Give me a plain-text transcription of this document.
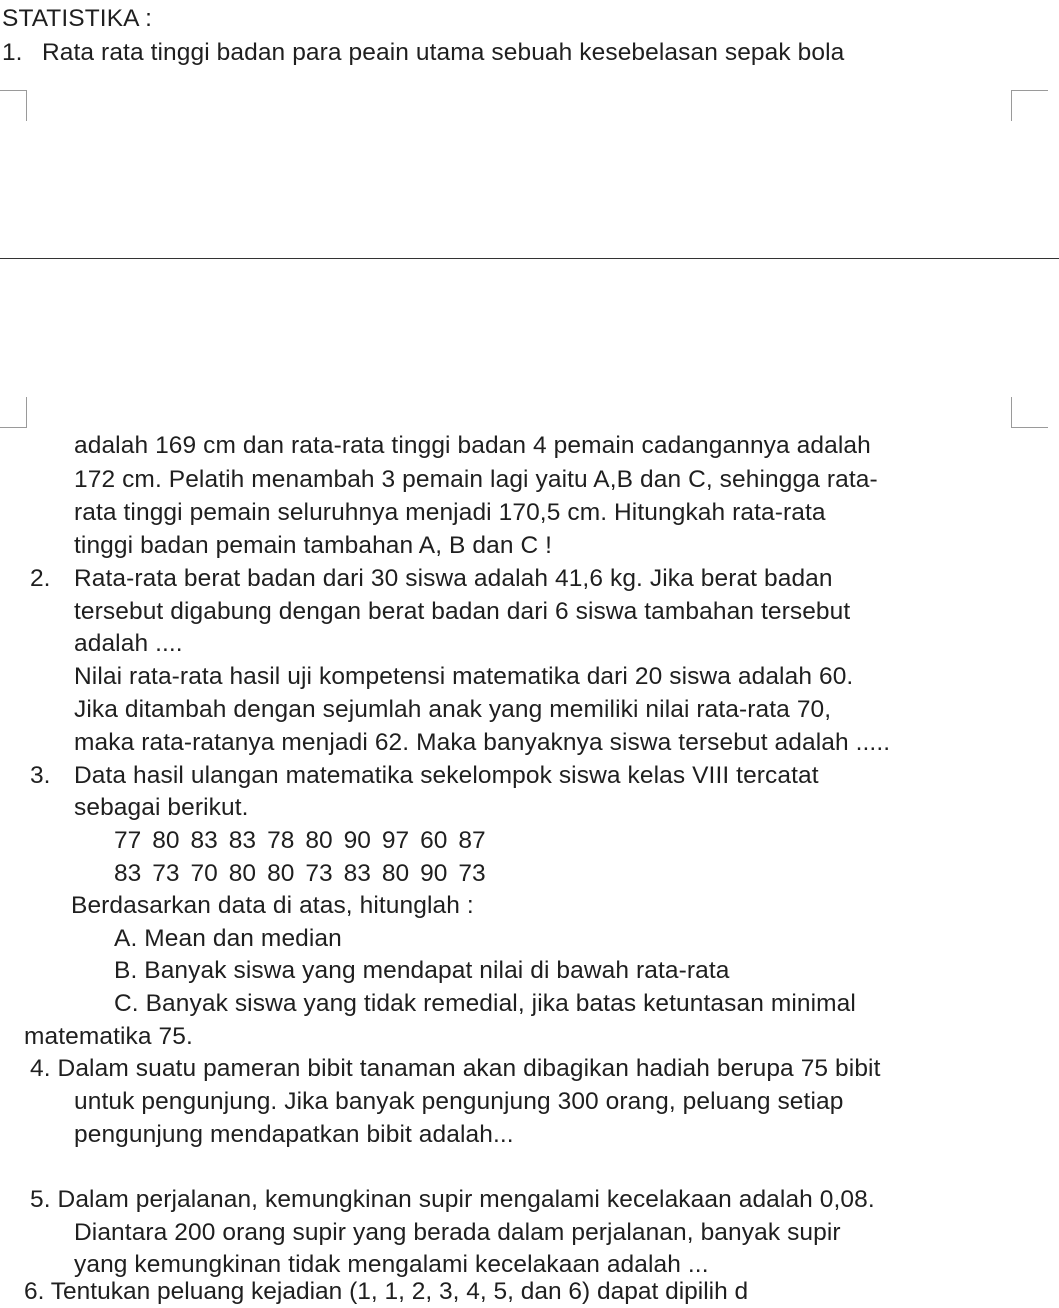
STATISTIKA :
1. Rata rata tinggi badan para peain utama sebuah kesebelasan sepak bola
adalah 169 cm dan rata-rata tinggi badan 4 pemain cadangannya adalah
172 cm. Pelatih menambah 3 pemain lagi yaitu A,B dan C, sehingga rata-
rata tinggi pemain seluruhnya menjadi 170,5 cm. Hitungkah rata-rata
tinggi badan pemain tambahan A, B dan C !
2. Rata-rata berat badan dari 30 siswa adalah 41,6 kg. Jika berat badan
tersebut digabung dengan berat badan dari 6 siswa tambahan tersebut
adalah ....
Nilai rata-rata hasil uji kompetensi matematika dari 20 siswa adalah 60.
Jika ditambah dengan sejumlah anak yang memiliki nilai rata-rata 70,
maka rata-ratanya menjadi 62. Maka banyaknya siswa tersebut adalah .....
3. Data hasil ulangan matematika sekelompok siswa kelas VIII tercatat
sebagai berikut.
77 80 83 83 78 80 90 97 60 87
83 73 70 80 80 73 83 80 90 73
Berdasarkan data di atas, hitunglah :
A. Mean dan median
B. Banyak siswa yang mendapat nilai di bawah rata-rata
C. Banyak siswa yang tidak remedial, jika batas ketuntasan minimal
matematika 75.
4. Dalam suatu pameran bibit tanaman akan dibagikan hadiah berupa 75 bibit
untuk pengunjung. Jika banyak pengunjung 300 orang, peluang setiap
pengunjung mendapatkan bibit adalah...
5. Dalam perjalanan, kemungkinan supir mengalami kecelakaan adalah 0,08.
Diantara 200 orang supir yang berada dalam perjalanan, banyak supir
yang kemungkinan tidak mengalami kecelakaan adalah ...
6. Tentukan peluang kejadian (1, 1, 2, 3, 4, 5, dan 6) dapat dipilih d
